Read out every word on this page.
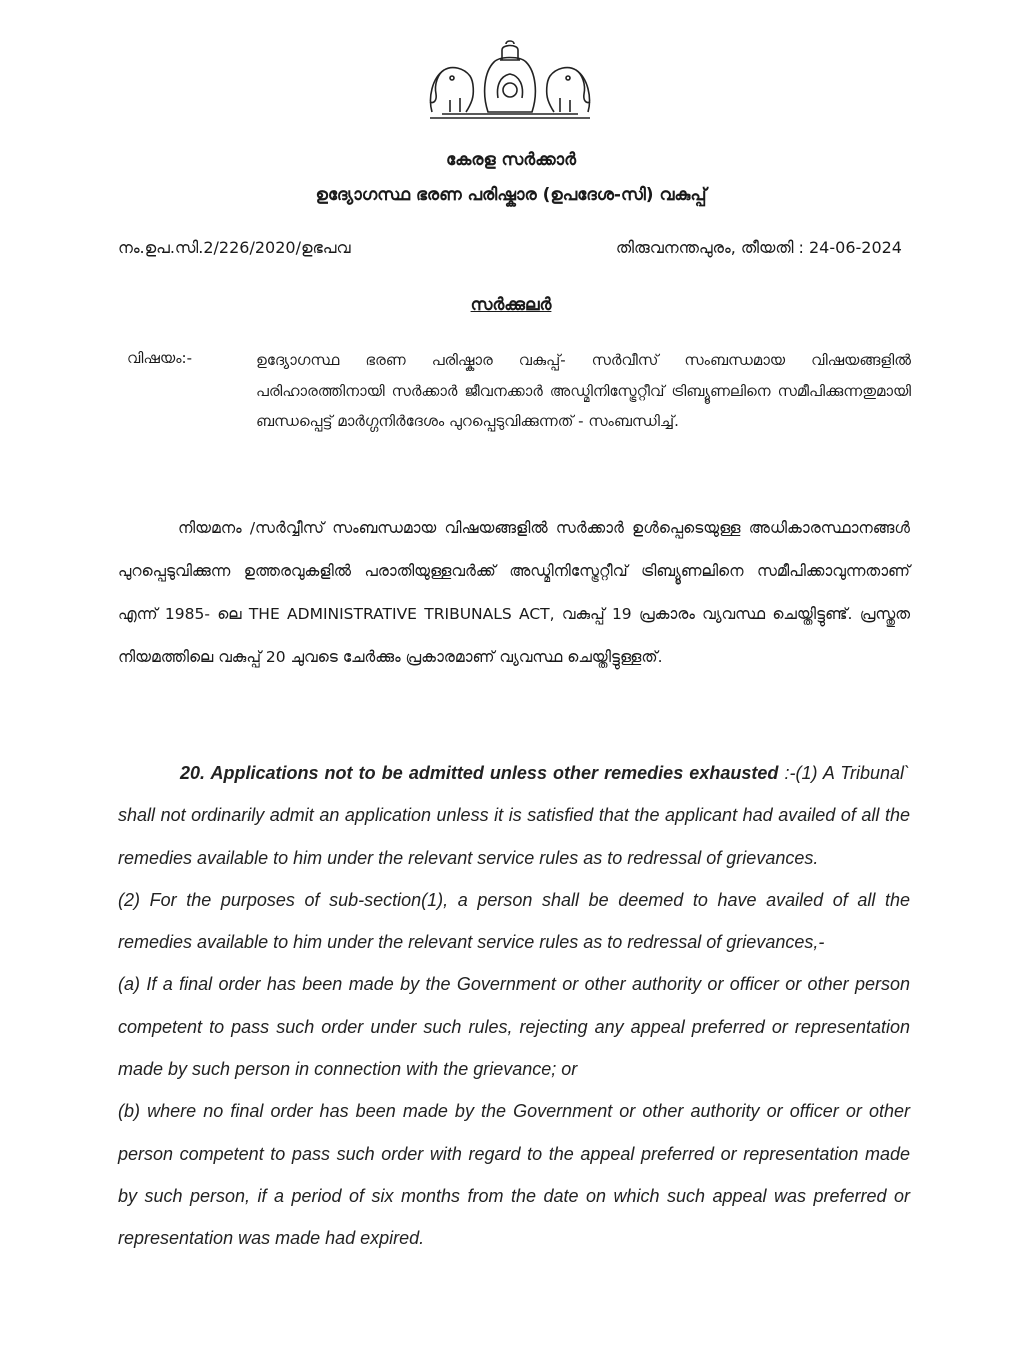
കേരള സർക്കാർ
ഉദ്യോഗസ്ഥ ഭരണ പരിഷ്കാര (ഉപദേശ-സി) വകുപ്പ്
നം.ഉപ.സി.2/226/2020/ഉഭപവ	തിരുവനന്തപുരം, തീയതി : 24-06-2024
സർക്കുലർ
വിഷയം:-	ഉദ്യോഗസ്ഥ ഭരണ പരിഷ്കാര വകുപ്പ്- സർവീസ് സംബന്ധമായ വിഷയങ്ങളിൽ പരിഹാരത്തിനായി സർക്കാർ ജീവനക്കാർ അഡ്മിനിസ്ട്രേറ്റീവ് ട്രിബ്യൂണലിനെ സമീപിക്കുന്നതുമായി ബന്ധപ്പെട്ട് മാർഗ്ഗനിർദേശം പുറപ്പെടുവിക്കുന്നത് - സംബന്ധിച്ച്.
നിയമനം /സർവ്വീസ് സംബന്ധമായ വിഷയങ്ങളിൽ സർക്കാർ ഉൾപ്പെടെയുള്ള അധികാരസ്ഥാനങ്ങൾ പുറപ്പെടുവിക്കുന്ന ഉത്തരവുകളിൽ പരാതിയുള്ളവർക്ക് അഡ്മിനിസ്ട്രേറ്റീവ് ട്രിബ്യൂണലിനെ സമീപിക്കാവുന്നതാണ് എന്ന് 1985- ലെ THE ADMINISTRATIVE TRIBUNALS ACT, വകുപ്പ് 19 പ്രകാരം വ്യവസ്ഥ ചെയ്തിട്ടുണ്ട്. പ്രസ്തുത നിയമത്തിലെ വകുപ്പ് 20 ചുവടെ ചേർക്കും പ്രകാരമാണ് വ്യവസ്ഥ ചെയ്തിട്ടുള്ളത്.

20. Applications not to be admitted unless other remedies exhausted :-(1) A Tribunal` shall not ordinarily admit an application unless it is satisfied that the applicant had availed of all the remedies available to him under the relevant service rules as to redressal of grievances.

(2) For the purposes of sub-section(1), a person shall be deemed to have availed of all the remedies available to him under the relevant service rules as to redressal of grievances,-

(a) If a final order has been made by the Government or other authority or officer or other person competent to pass such order under such rules, rejecting any appeal preferred or representation made by such person in connection with the grievance; or

(b) where no final order has been made by the Government or other authority or officer or other person competent to pass such order with regard to the appeal preferred or representation made by such person, if a period of six months from the date on which such appeal was preferred or representation was made had expired.
